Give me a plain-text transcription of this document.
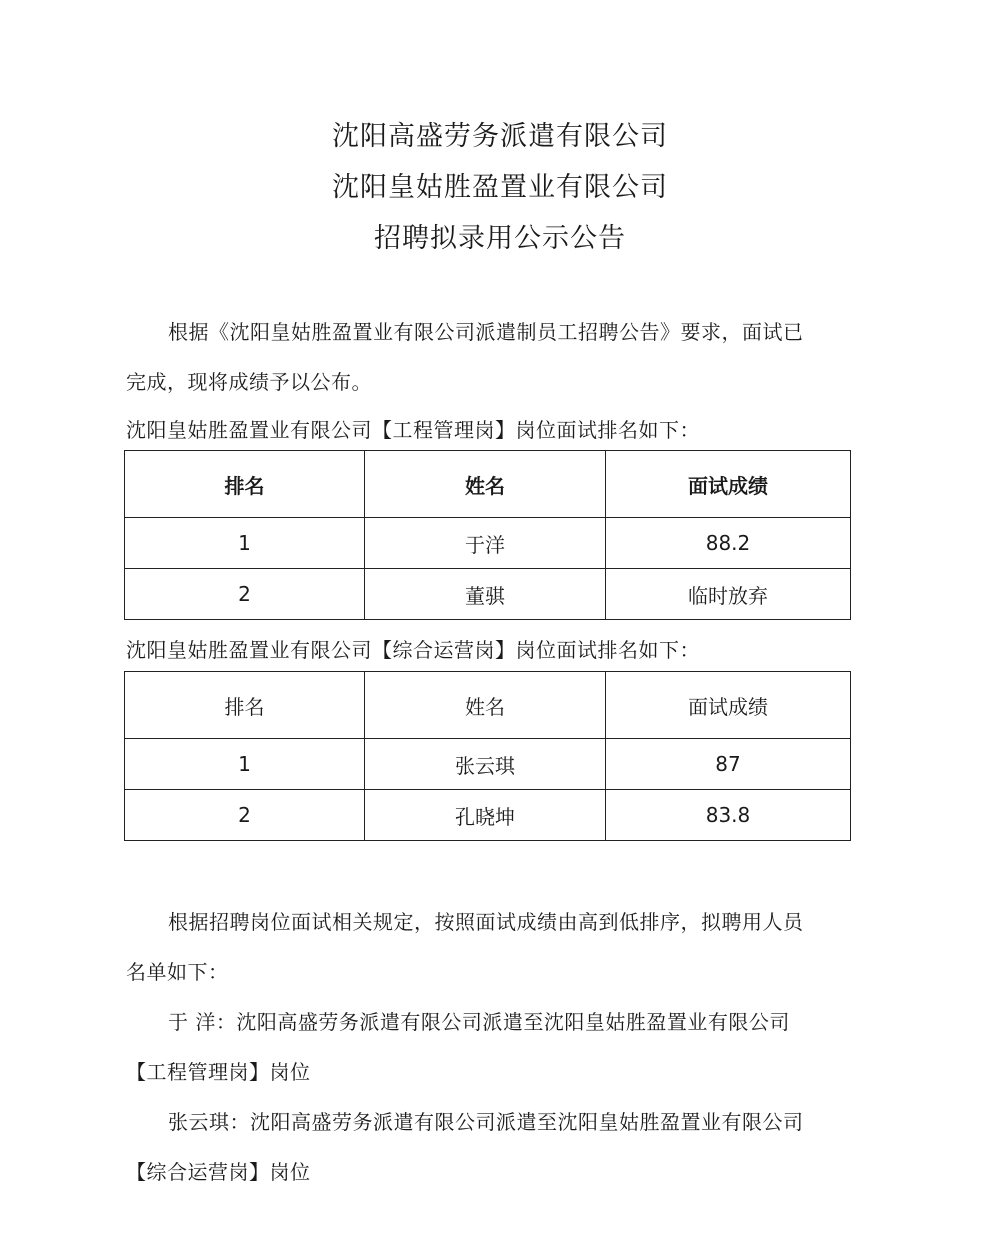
沈阳高盛劳务派遣有限公司
沈阳皇姑胜盈置业有限公司
招聘拟录用公示公告
根据《沈阳皇姑胜盈置业有限公司派遣制员工招聘公告》要求，面试已
完成，现将成绩予以公布。
沈阳皇姑胜盈置业有限公司【工程管理岗】岗位面试排名如下：
排名	姓名	面试成绩
1	于洋	88.2
2	董骐	临时放弃
沈阳皇姑胜盈置业有限公司【综合运营岗】岗位面试排名如下：
排名	姓名	面试成绩
1	张云琪	87
2	孔晓坤	83.8
根据招聘岗位面试相关规定，按照面试成绩由高到低排序，拟聘用人员
名单如下：
于 洋：沈阳高盛劳务派遣有限公司派遣至沈阳皇姑胜盈置业有限公司
【工程管理岗】岗位
张云琪：沈阳高盛劳务派遣有限公司派遣至沈阳皇姑胜盈置业有限公司
【综合运营岗】岗位
